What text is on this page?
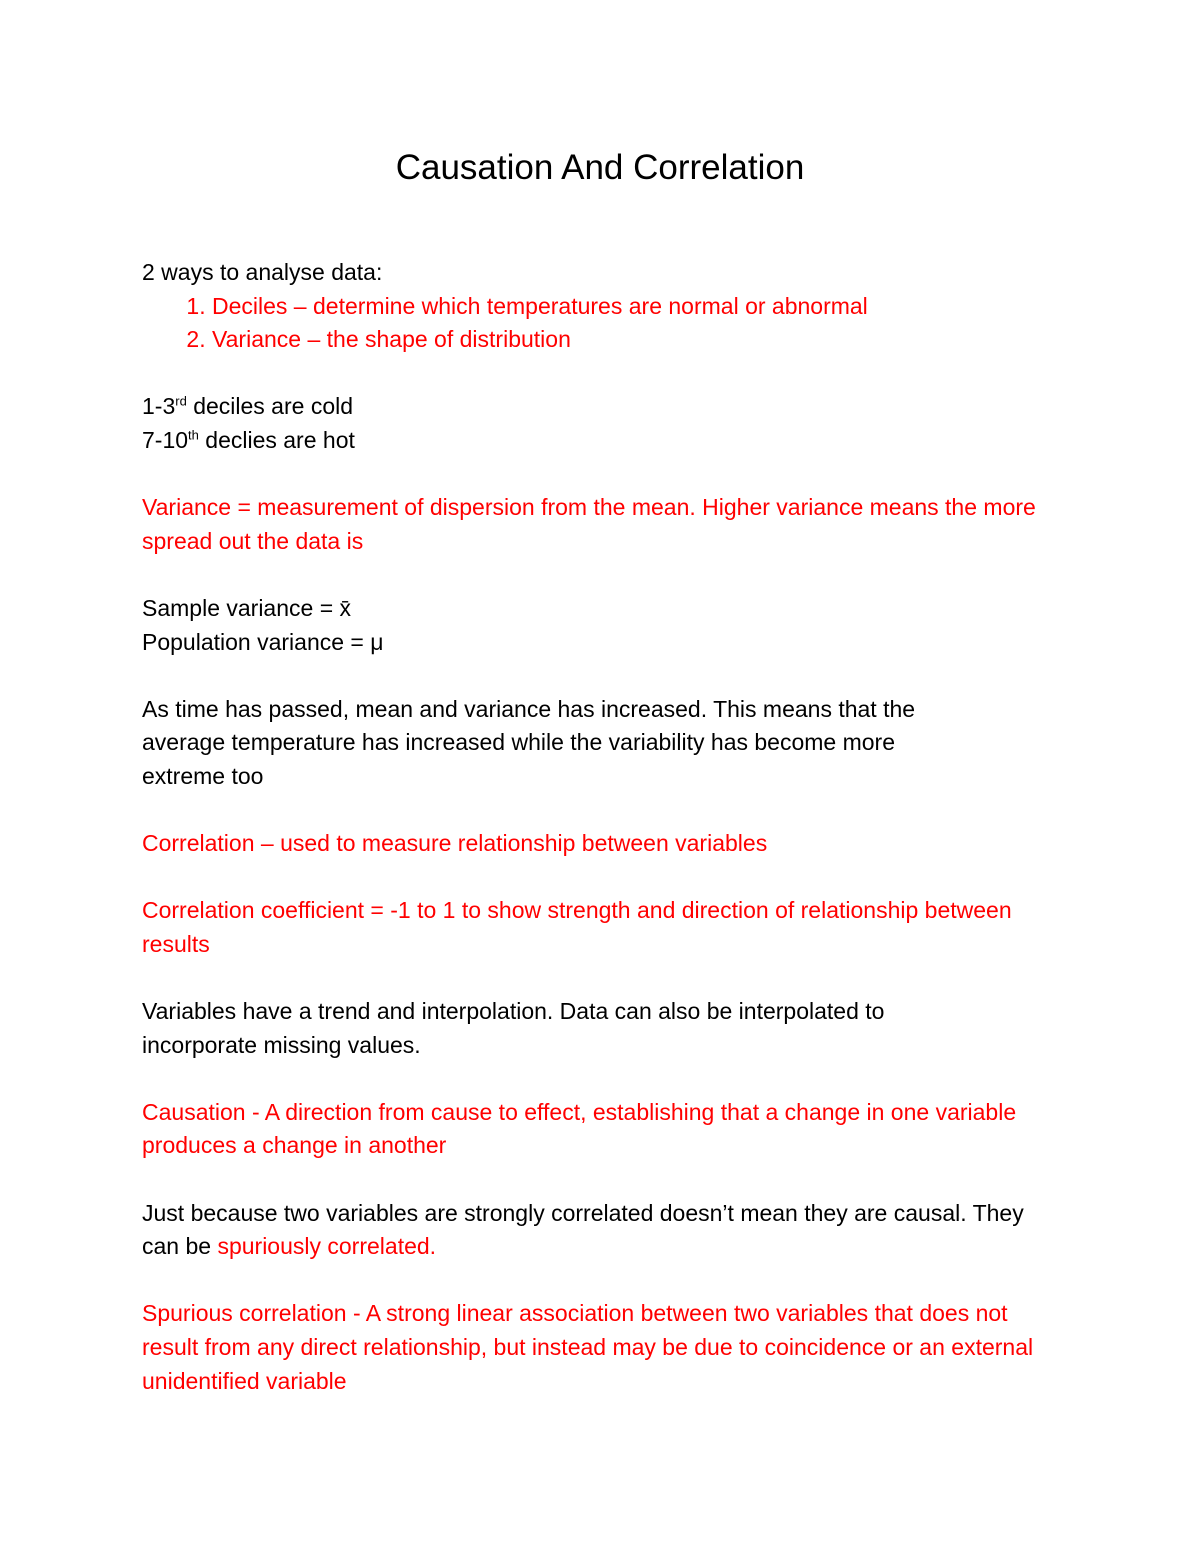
Causation And Correlation

2 ways to analyse data:

1. Deciles – determine which temperatures are normal or abnormal
2. Variance – the shape of distribution

1-3rd deciles are cold

7-10th declies are hot

Variance = measurement of dispersion from the mean. Higher variance means the more spread out the data is

Sample variance = x̄

Population variance = μ

As time has passed, mean and variance has increased. This means that the average temperature has increased while the variability has become more extreme too

Correlation – used to measure relationship between variables

Correlation coefficient = -1 to 1 to show strength and direction of relationship between results

Variables have a trend and interpolation. Data can also be interpolated to incorporate missing values.

Causation - A direction from cause to effect, establishing that a change in one variable produces a change in another

Just because two variables are strongly correlated doesn’t mean they are causal. They can be spuriously correlated.

Spurious correlation - A strong linear association between two variables that does not result from any direct relationship, but instead may be due to coincidence or an external unidentified variable
